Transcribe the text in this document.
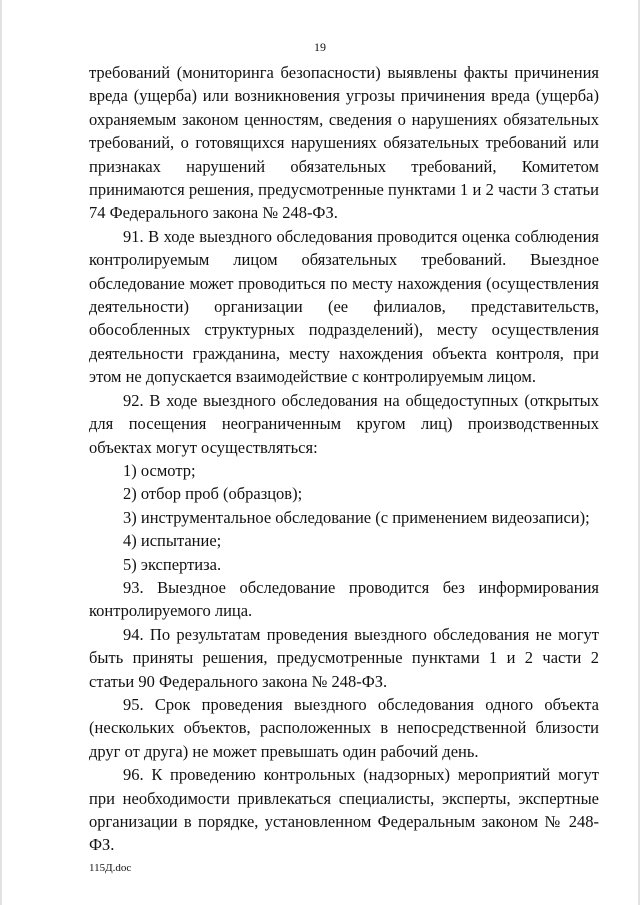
19

требований (мониторинга безопасности) выявлены факты причинения вреда (ущерба) или возникновения угрозы причинения вреда (ущерба) охраняемым законом ценностям, сведения о нарушениях обязательных требований, о готовящихся нарушениях обязательных требований или признаках нарушений обязательных требований, Комитетом принимаются решения, предусмотренные пунктами 1 и 2 части 3 статьи 74 Федерального закона № 248-ФЗ.

91. В ходе выездного обследования проводится оценка соблюдения контролируемым лицом обязательных требований. Выездное обследование может проводиться по месту нахождения (осуществления деятельности) организации (ее филиалов, представительств, обособленных структурных подразделений), месту осуществления деятельности гражданина, месту нахождения объекта контроля, при этом не допускается взаимодействие с контролируемым лицом.

92. В ходе выездного обследования на общедоступных (открытых для посещения неограниченным кругом лиц) производственных объектах могут осуществляться:

1) осмотр;

2) отбор проб (образцов);

3) инструментальное обследование (с применением видеозаписи);

4) испытание;

5) экспертиза.

93. Выездное обследование проводится без информирования контролируемого лица.

94. По результатам проведения выездного обследования не могут быть приняты решения, предусмотренные пунктами 1 и 2 части 2 статьи 90 Федерального закона № 248-ФЗ.

95. Срок проведения выездного обследования одного объекта (нескольких объектов, расположенных в непосредственной близости друг от друга) не может превышать один рабочий день.

96. К проведению контрольных (надзорных) мероприятий могут при необходимости привлекаться специалисты, эксперты, экспертные организации в порядке, установленном Федеральным законом № 248-ФЗ.

115Д.doc
